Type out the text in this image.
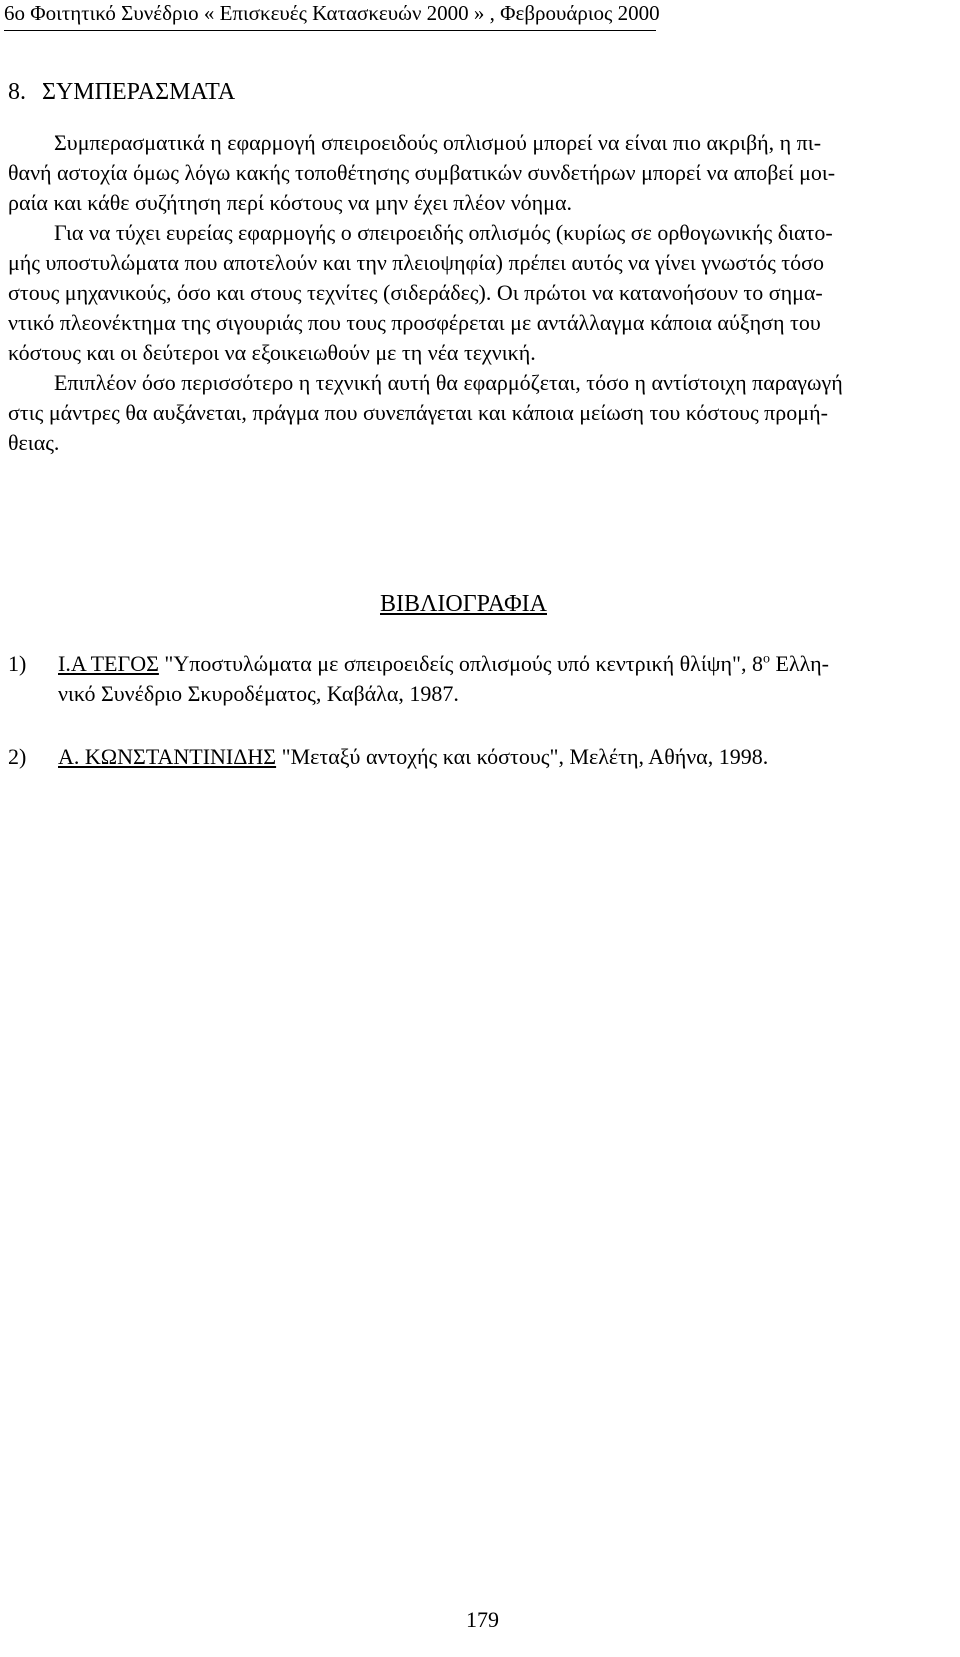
6ο Φοιτητικό Συνέδριο « Επισκευές Κατασκευών 2000 » , Φεβρουάριος 2000
8. ΣΥΜΠΕΡΑΣΜΑΤΑ
Συμπερασματικά η εφαρμογή σπειροειδούς οπλισμού μπορεί να είναι πιο ακριβή, η πι-
θανή αστοχία όμως λόγω κακής τοποθέτησης συμβατικών συνδετήρων μπορεί να αποβεί μοι-
ραία και κάθε συζήτηση περί κόστους να μην έχει πλέον νόημα.
Για να τύχει ευρείας εφαρμογής ο σπειροειδής οπλισμός (κυρίως σε ορθογωνικής διατο-
μής υποστυλώματα που αποτελούν και την πλειοψηφία) πρέπει αυτός να γίνει γνωστός τόσο
στους μηχανικούς, όσο και στους τεχνίτες (σιδεράδες). Οι πρώτοι να κατανοήσουν το σημα-
ντικό πλεονέκτημα της σιγουριάς που τους προσφέρεται με αντάλλαγμα κάποια αύξηση του
κόστους και οι δεύτεροι να εξοικειωθούν με τη νέα τεχνική.
Επιπλέον όσο περισσότερο η τεχνική αυτή θα εφαρμόζεται, τόσο η αντίστοιχη παραγωγή
στις μάντρες θα αυξάνεται, πράγμα που συνεπάγεται και κάποια μείωση του κόστους προμή-
θειας.
ΒΙΒΛΙΟΓΡΑΦΙΑ
1) Ι.Α ΤΕΓΟΣ "Υποστυλώματα με σπειροειδείς οπλισμούς υπό κεντρική θλίψη", $8^o$ Ελλη-
νικό Συνέδριο Σκυροδέματος, Καβάλα, 1987.
2) Α. ΚΩΝΣΤΑΝΤΙΝΙΔΗΣ "Μεταξύ αντοχής και κόστους", Μελέτη, Αθήνα, 1998.
179
